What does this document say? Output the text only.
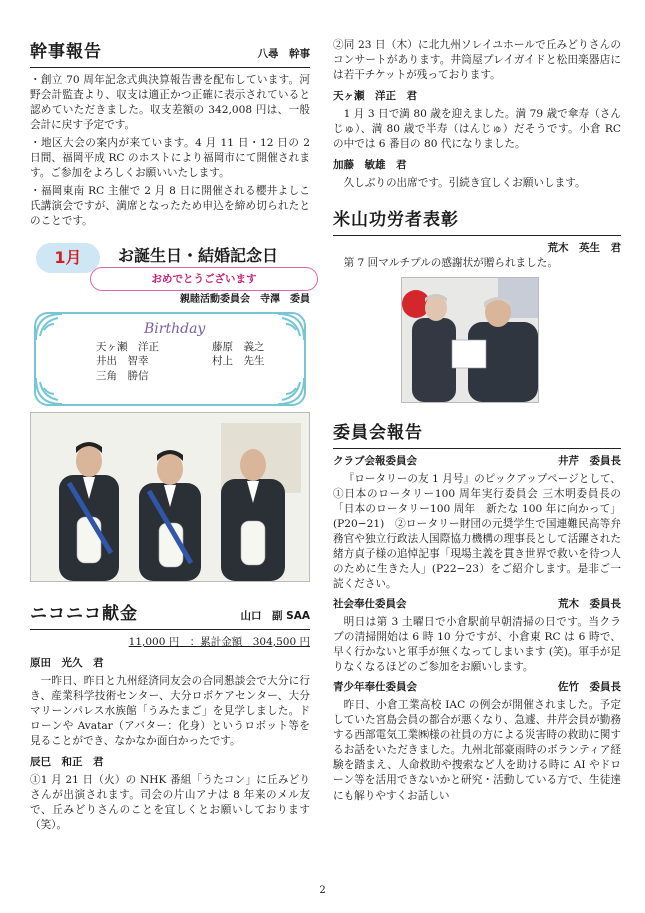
幹事報告	八尋　幹事

・創立 70 周年記念式典決算報告書を配布しています。河野会計監査より、収支は適正かつ正確に表示されていると認めていただきました。収支差額の 342,008 円は、一般会計に戻す予定です。

・地区大会の案内が来ています。4 月 11 日・12 日の 2 日間、福岡平成 RC のホストにより福岡市にて開催されます。ご参加をよろしくお願いいたします。

・福岡東南 RC 主催で 2 月 8 日に開催される櫻井よしこ氏講演会ですが、満席となったため申込を締め切られたとのことです。

1月	お誕生日・結婚記念日
おめでとうございます
親睦活動委員会　寺澤　委員
Birthday
天ヶ瀬　洋正
井出　智幸
三角　勝信
藤原　義之
村上　先生
ニコニコ献金	山口　副 SAA
11,000 円　：累計金額　304,500 円
原田　光久　君

一昨日、昨日と九州経済同友会の合同懇談会で大分に行き、産業科学技術センター、大分ロボケアセンター、大分マリーンパレス水族館「うみたまご」を見学しました。ドローンや Avatar（アバター：化身）というロボット等を見ることができ、なかなか面白かったです。

辰巳　和正　君

①1 月 21 日（火）の NHK 番組「うたコン」に丘みどりさんが出演されます。司会の片山アナは 8 年来のメル友で、丘みどりさんのことを宜しくとお願いしております（笑）。

②同 23 日（木）に北九州ソレイユホールで丘みどりさんのコンサートがあります。井筒屋プレイガイドと松田楽器店には若干チケットが残っております。

天ヶ瀬　洋正　君

1 月 3 日で満 80 歳を迎えました。満 79 歳で傘寿（さんじゅ）、満 80 歳で半寿（はんじゅ）だそうです。小倉 RC の中では 6 番目の 80 代になりました。

加藤　敏雄　君

久しぶりの出席です。引続き宜しくお願いします。

米山功労者表彰
荒木　英生　君

第 7 回マルチプルの感謝状が贈られました。

委員会報告
クラブ会報委員会	井芹　委員長

『ロータリーの友 1 月号』のピックアップページとして、①日本のロータリー100 周年実行委員会 三木明委員長の「日本のロータリー100 周年　新たな 100 年に向かって」(P20−21)　②ロータリー財団の元奨学生で国連難民高等弁務官や独立行政法人国際協力機構の理事長として活躍された緒方貞子様の追悼記事「現場主義を貫き世界で救いを待つ人のために生きた人」(P22−23）をご紹介します。是非ご一読ください。

社会奉仕委員会	荒木　委員長

明日は第 3 土曜日で小倉駅前早朝清掃の日です。当クラブの清掃開始は 6 時 10 分ですが、小倉東 RC は 6 時で、早く行かないと軍手が無くなってしまいます (笑)。軍手が足りなくなるほどのご参加をお願いします。

青少年奉仕委員会	佐竹　委員長

昨日、小倉工業高校 IAC の例会が開催されました。予定していた宮島会員の都合が悪くなり、急遽、井芹会員が勤務する西部電気工業㈱様の社員の方による災害時の救助に関するお話をいただきました。九州北部豪雨時のボランティア経験を踏まえ、人命救助や捜索など人を助ける時に AI やドローン等を活用できないかと研究・活動している方で、生徒達にも解りやすくお話しい

2
